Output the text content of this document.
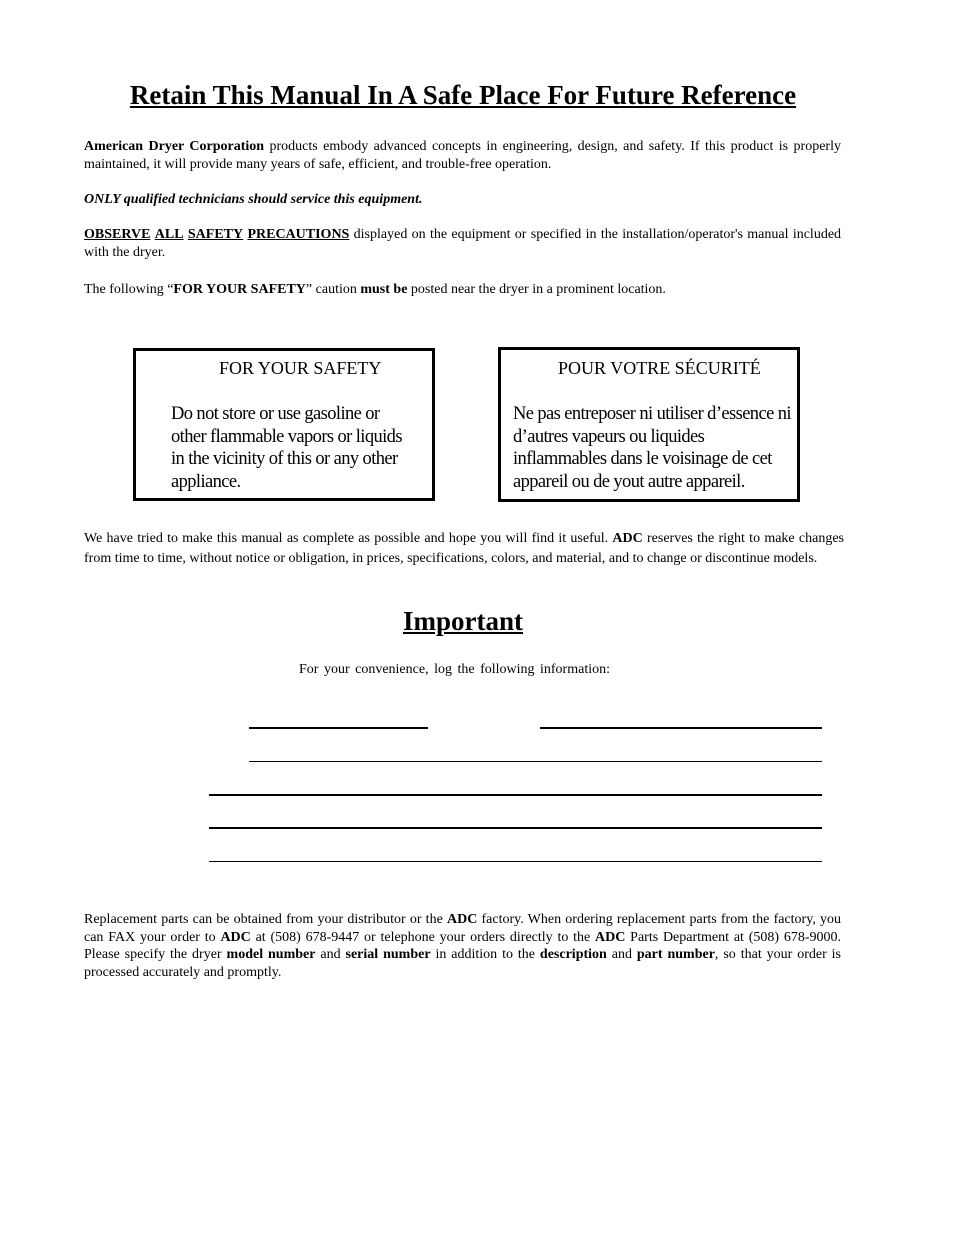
Retain This Manual In A Safe Place For Future Reference

American Dryer Corporation products embody advanced concepts in engineering, design, and safety. If this product is properly maintained, it will provide many years of safe, efficient, and trouble-free operation.

ONLY qualified technicians should service this equipment.

OBSERVE ALL SAFETY PRECAUTIONS displayed on the equipment or specified in the installation/operator's manual included with the dryer.

The following “FOR YOUR SAFETY” caution must be posted near the dryer in a prominent location.

FOR YOUR SAFETY
Do not store or use gasoline or other flammable vapors or liquids in the vicinity of this or any other appliance.
POUR VOTRE SÉCURITÉ
Ne pas entreposer ni utiliser d’essence ni d’autres vapeurs ou liquides inflammables dans le voisinage de cet appareil ou de yout autre appareil.

We have tried to make this manual as complete as possible and hope you will find it useful. ADC reserves the right to make changes from time to time, without notice or obligation, in prices, specifications, colors, and material, and to change or discontinue models.

Important
For your convenience, log the following information:

Replacement parts can be obtained from your distributor or the ADC factory. When ordering replacement parts from the factory, you can FAX your order to ADC at (508) 678-9447 or telephone your orders directly to the ADC Parts Department at (508) 678-9000. Please specify the dryer model number and serial number in addition to the description and part number, so that your order is processed accurately and promptly.
